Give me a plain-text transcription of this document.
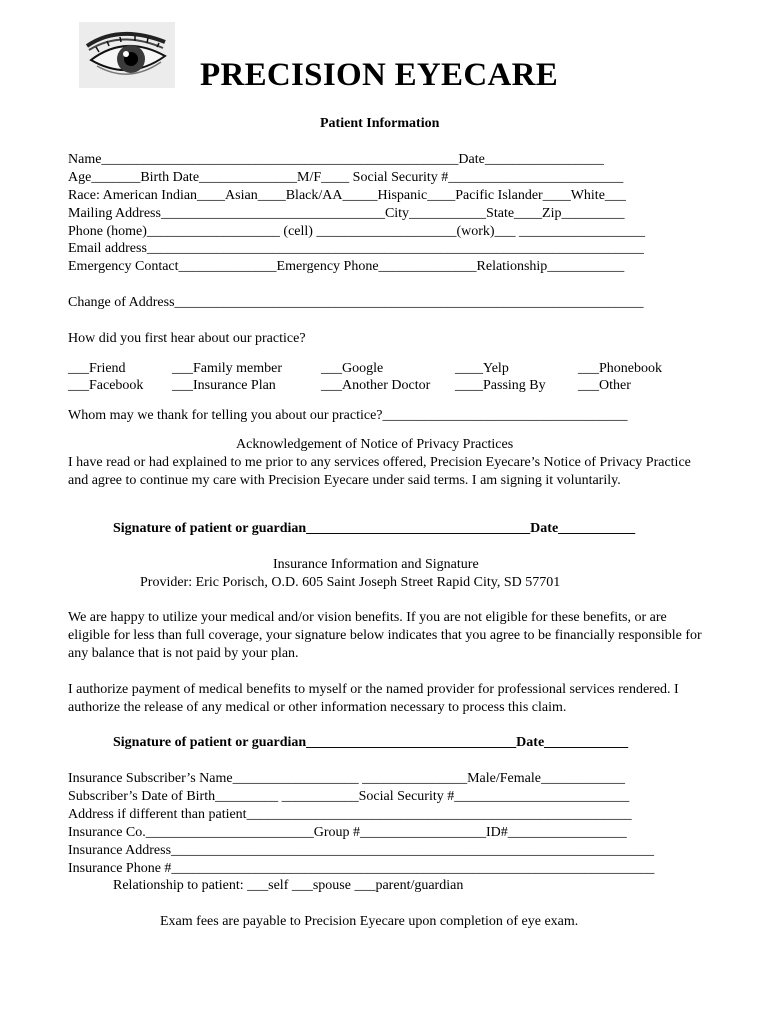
PRECISION EYECARE
Patient Information
Name___________________________________________________Date_________________
Age_______Birth Date______________M/F____ Social Security #_________________________
Race: American Indian____Asian____Black/AA_____Hispanic____Pacific Islander____White___
Mailing Address________________________________City___________State____Zip_________
Phone (home)___________________ (cell) ____________________(work)___ __________________
Email address_______________________________________________________________________
Emergency Contact______________Emergency Phone______________Relationship___________
Change of Address___________________________________________________________________
How did you first hear about our practice?
___Friend
___Facebook
___Family member
___Insurance Plan
___Google
___Another Doctor
____Yelp
____Passing By
___Phonebook
___Other
Whom may we thank for telling you about our practice?___________________________________
Acknowledgement of Notice of Privacy Practices
I have read or had explained to me prior to any services offered, Precision Eyecare’s Notice of Privacy Practice and agree to continue my care with Precision Eyecare under said terms. I am signing it voluntarily.
Signature of patient or guardian________________________________Date___________
Insurance Information and Signature
Provider: Eric Porisch, O.D. 605 Saint Joseph Street Rapid City, SD 57701
We are happy to utilize your medical and/or vision benefits. If you are not eligible for these benefits, or are eligible for less than full coverage, your signature below indicates that you agree to be financially responsible for any balance that is not paid by your plan.
I authorize payment of medical benefits to myself or the named provider for professional services rendered. I authorize the release of any medical or other information necessary to process this claim.
Signature of patient or guardian______________________________Date____________
Insurance Subscriber’s Name__________________ _______________Male/Female____________
Subscriber’s Date of Birth_________ ___________Social Security #_________________________
Address if different than patient_______________________________________________________
Insurance Co.________________________Group #__________________ID#_________________
Insurance Address_____________________________________________________________________
Insurance Phone #_____________________________________________________________________
Relationship to patient: ___self ___spouse ___parent/guardian
Exam fees are payable to Precision Eyecare upon completion of eye exam.
